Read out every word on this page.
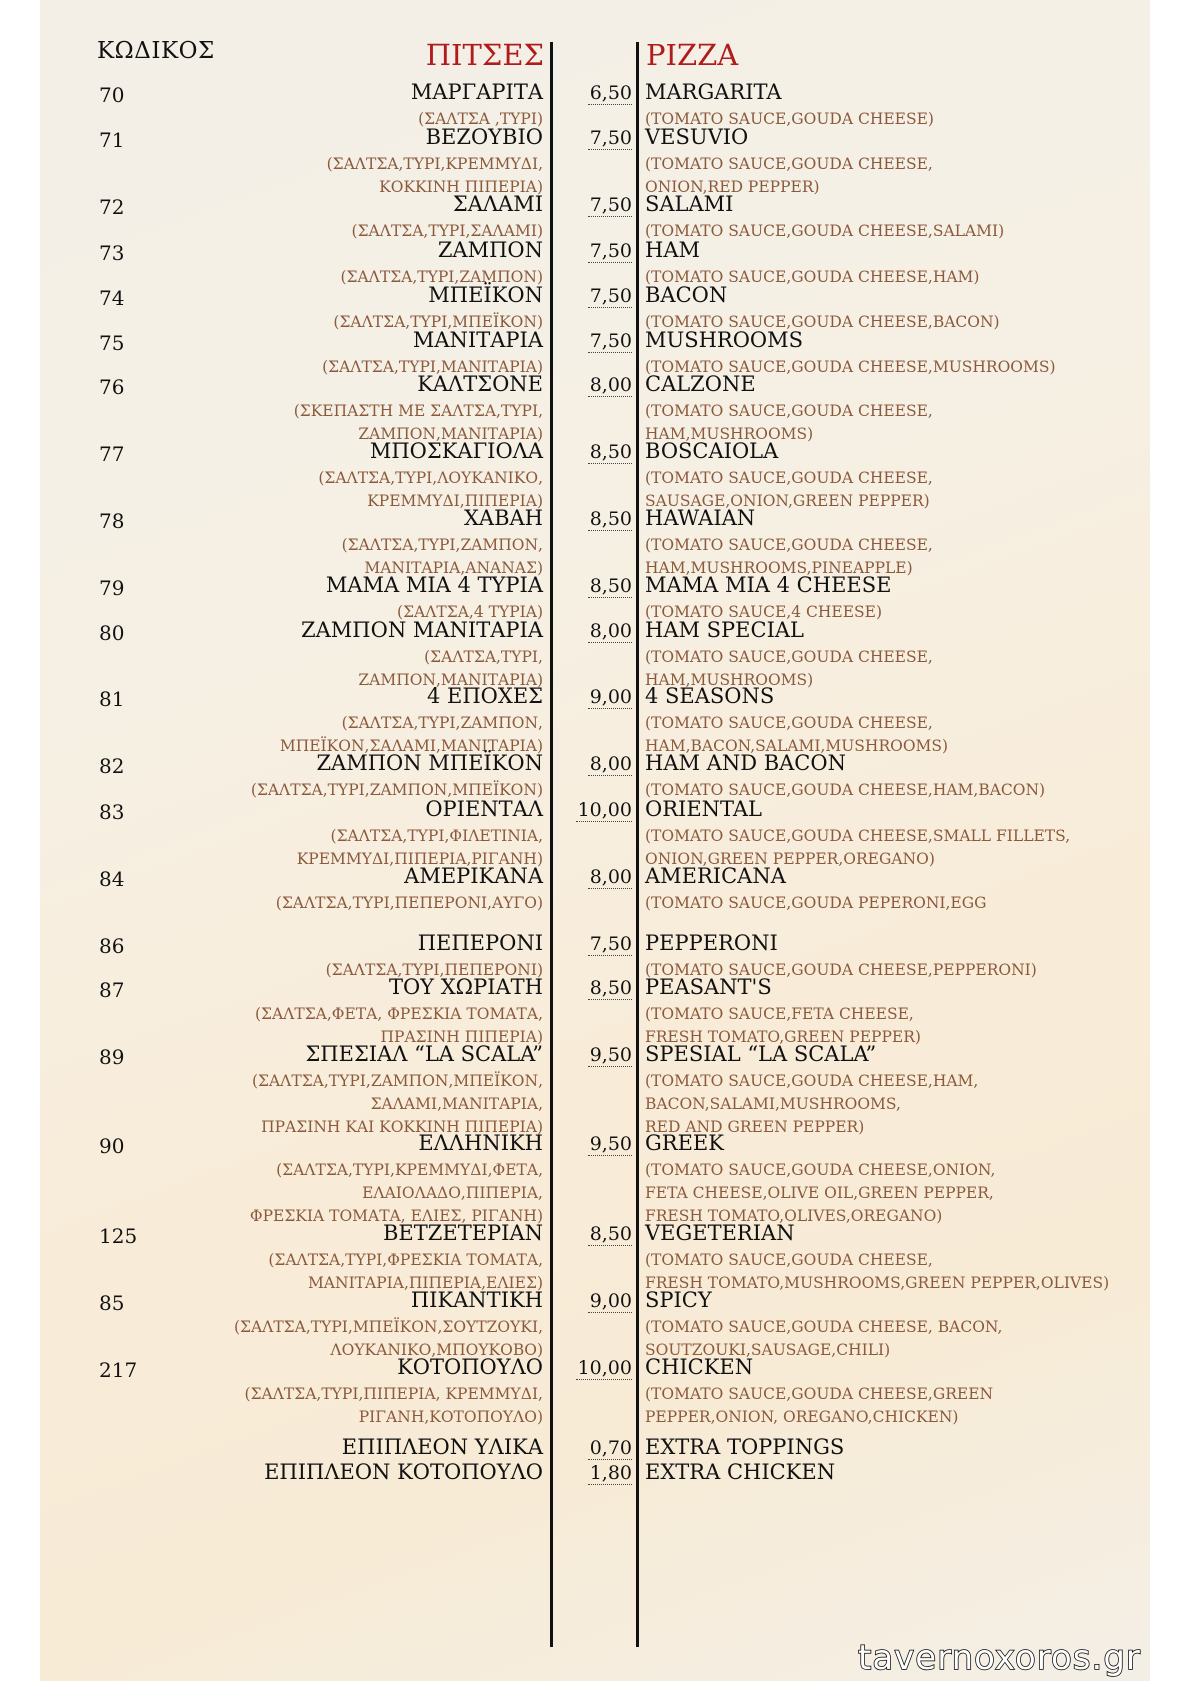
ΚΩΔΙΚΟΣ	ΠΙΤΣΕΣ	PIZZA
70	ΜΑΡΓΑΡΙΤΑ	6,50 MARGARITA
(ΣΑΛΤΣΑ ,ΤΥΡΙ)	(TOMATO SAUCE,GOUDA CHEESE)
71	ΒΕΖΟΥΒΙΟ	7,50 VESUVIO
(ΣΑΛΤΣΑ,ΤΥΡΙ,ΚΡΕΜΜΥΔΙ,
ΚΟΚΚΙΝΗ ΠΙΠΕΡΙΑ)
(TOMATO SAUCE,GOUDA CHEESE,
ONION,RED PEPPER)
72	ΣΑΛΑΜΙ	7,50 SALAMI
(ΣΑΛΤΣΑ,ΤΥΡΙ,ΣΑΛΑΜΙ)	(TOMATO SAUCE,GOUDA CHEESE,SALAMI)
73	ΖΑΜΠΟΝ	7,50 HAM
(ΣΑΛΤΣΑ,ΤΥΡΙ,ΖΑΜΠΟΝ)	(TOMATO SAUCE,GOUDA CHEESE,HAM)
74	ΜΠΕΪΚΟΝ	7,50 BACON
(ΣΑΛΤΣΑ,ΤΥΡΙ,ΜΠΕΪΚΟΝ)	(TOMATO SAUCE,GOUDA CHEESE,BACON)
75	ΜΑΝΙΤΑΡΙΑ	7,50 MUSHROOMS
(ΣΑΛΤΣΑ,ΤΥΡΙ,ΜΑΝΙΤΑΡΙΑ)	(TOMATO SAUCE,GOUDA CHEESE,MUSHROOMS)
76	ΚΑΛΤΣΟΝΕ	8,00 CALZONE
(ΣΚΕΠΑΣΤΗ ΜΕ ΣΑΛΤΣΑ,ΤΥΡΙ,
ΖΑΜΠΟΝ,ΜΑΝΙΤΑΡΙΑ)
(TOMATO SAUCE,GOUDA CHEESE,
HAM,MUSHROOMS)
77	ΜΠΟΣΚΑΓΙΟΛΑ	8,50 BOSCAIOLA
(ΣΑΛΤΣΑ,ΤΥΡΙ,ΛΟΥΚΑΝΙΚΟ,
ΚΡΕΜΜΥΔΙ,ΠΙΠΕΡΙΑ)
(TOMATO SAUCE,GOUDA CHEESE,
SAUSAGE,ONION,GREEN PEPPER)
78	ΧΑΒΑΗ	8,50 HAWAIAN
(ΣΑΛΤΣΑ,ΤΥΡΙ,ΖΑΜΠΟΝ,
ΜΑΝΙΤΑΡΙΑ,ΑΝΑΝΑΣ)
(TOMATO SAUCE,GOUDA CHEESE,
HAM,MUSHROOMS,PINEAPPLE)
79	ΜΑΜΑ ΜΙΑ 4 ΤΥΡΙΑ	8,50 MAMA MIA 4 CHEESE
(ΣΑΛΤΣΑ,4 ΤΥΡΙΑ)	(TOMATO SAUCE,4 CHEESE)
80	ΖΑΜΠΟΝ ΜΑΝΙΤΑΡΙΑ	8,00 HAM SPECIAL
(ΣΑΛΤΣΑ,ΤΥΡΙ,
ΖΑΜΠΟΝ,ΜΑΝΙΤΑΡΙΑ)
(TOMATO SAUCE,GOUDA CHEESE,
HAM,MUSHROOMS)
81	4 ΕΠΟΧΕΣ	9,00 4 SEASONS
(ΣΑΛΤΣΑ,ΤΥΡΙ,ΖΑΜΠΟΝ,
ΜΠΕΪΚΟΝ,ΣΑΛΑΜΙ,ΜΑΝΙΤΑΡΙΑ)
(TOMATO SAUCE,GOUDA CHEESE,
HAM,BACON,SALAMI,MUSHROOMS)
82	ΖΑΜΠΟΝ ΜΠΕΪΚΟΝ	8,00 HAM AND BACON
(ΣΑΛΤΣΑ,ΤΥΡΙ,ΖΑΜΠΟΝ,ΜΠΕΪΚΟΝ)	(TOMATO SAUCE,GOUDA CHEESE,HAM,BACON)
83	ΟΡΙΕΝΤΑΛ	10,00 ORIENTAL
(ΣΑΛΤΣΑ,ΤΥΡΙ,ΦΙΛΕΤΙΝΙΑ,
ΚΡΕΜΜΥΔΙ,ΠΙΠΕΡΙΑ,ΡΙΓΑΝΗ)
(TOMATO SAUCE,GOUDA CHEESE,SMALL FILLETS,
ONION,GREEN PEPPER,OREGANO)
84	ΑΜΕΡΙΚΑΝΑ	8,00 AMERICANA
(ΣΑΛΤΣΑ,ΤΥΡΙ,ΠΕΠΕΡΟΝΙ,ΑΥΓΟ)	(TOMATO SAUCE,GOUDA PEPERONI,EGG
86	ΠΕΠΕΡΟΝΙ	7,50 PEPPERONI
(ΣΑΛΤΣΑ,ΤΥΡΙ,ΠΕΠΕΡΟΝΙ)	(TOMATO SAUCE,GOUDA CHEESE,PEPPERONI)
87	ΤΟΥ ΧΩΡΙΑΤΗ	8,50 PEASANT'S
(ΣΑΛΤΣΑ,ΦΕΤΑ, ΦΡΕΣΚΙΑ ΤΟΜΑΤΑ,
ΠΡΑΣΙΝΗ ΠΙΠΕΡΙΑ)
(TOMATO SAUCE,FETA CHEESE,
FRESH TOMATO,GREEN PEPPER)
89	ΣΠΕΣΙΑΛ “LA SCALA”	9,50 SPESIAL “LA SCALA”
(ΣΑΛΤΣΑ,ΤΥΡΙ,ΖΑΜΠΟΝ,ΜΠΕΪΚΟΝ,
ΣΑΛΑΜΙ,ΜΑΝΙΤΑΡΙΑ,
ΠΡΑΣΙΝΗ ΚΑΙ ΚΟΚΚΙΝΗ ΠΙΠΕΡΙΑ)
(TOMATO SAUCE,GOUDA CHEESE,HAM,
BACON,SALAMI,MUSHROOMS,
RED AND GREEN PEPPER)
90	ΕΛΛΗΝΙΚΗ	9,50 GREEK
(ΣΑΛΤΣΑ,ΤΥΡΙ,ΚΡΕΜΜΥΔΙ,ΦΕΤΑ,
ΕΛΑΙΟΛΑΔΟ,ΠΙΠΕΡΙΑ,
ΦΡΕΣΚΙΑ ΤΟΜΑΤΑ, ΕΛΙΕΣ, ΡΙΓΑΝΗ)
(TOMATO SAUCE,GOUDA CHEESE,ONION,
FETA CHEESE,OLIVE OIL,GREEN PEPPER,
FRESH TOMATO,OLIVES,OREGANO)
125	ΒΕΤΖΕΤΕΡΙΑΝ	8,50 VEGETERIAN
(ΣΑΛΤΣΑ,ΤΥΡΙ,ΦΡΕΣΚΙΑ ΤΟΜΑΤΑ,
ΜΑΝΙΤΑΡΙΑ,ΠΙΠΕΡΙΑ,ΕΛΙΕΣ)
(TOMATO SAUCE,GOUDA CHEESE,
FRESH TOMATO,MUSHROOMS,GREEN PEPPER,OLIVES)
85	ΠΙΚΑΝΤΙΚΗ	9,00 SPICY
(ΣΑΛΤΣΑ,ΤΥΡΙ,ΜΠΕΪΚΟΝ,ΣΟΥΤΖΟΥΚΙ,
ΛΟΥΚΑΝΙΚΟ,ΜΠΟΥΚΟΒΟ)
(TOMATO SAUCE,GOUDA CHEESE, BACON,
SOUTZOUKI,SAUSAGE,CHILI)
217	ΚΟΤΟΠΟΥΛΟ	10,00 CHICKEN
(ΣΑΛΤΣΑ,ΤΥΡΙ,ΠΙΠΕΡΙΑ, ΚΡΕΜΜΥΔΙ,
ΡΙΓΑΝΗ,ΚΟΤΟΠΟΥΛΟ)
(TOMATO SAUCE,GOUDA CHEESE,GREEN
PEPPER,ONION, OREGANO,CHICKEN)
ΕΠΙΠΛΕΟΝ ΥΛΙΚΑ	0,70 EXTRA TOPPINGS
ΕΠΙΠΛΕΟΝ ΚΟΤΟΠΟΥΛΟ	1,80 EXTRA CHICKEN
tavernoxoros.gr
